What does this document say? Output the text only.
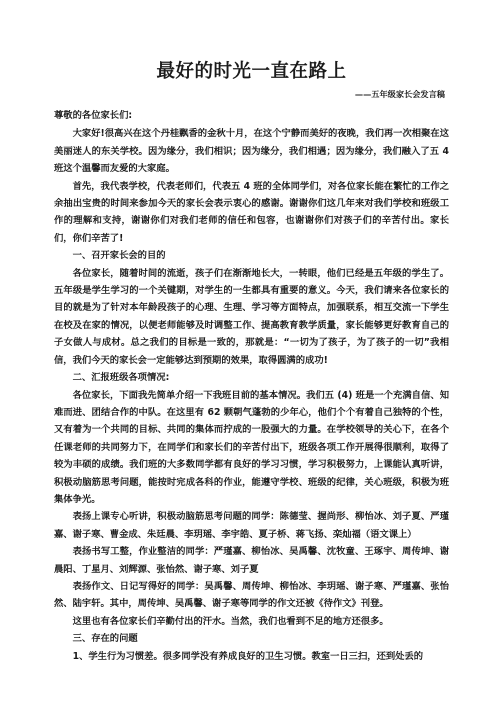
最好的时光一直在路上
——五年级家长会发言稿

尊敬的各位家长们:

大家好!很高兴在这个丹桂飘香的金秋十月，在这个宁静而美好的夜晚，我们再一次相聚在这美丽迷人的东关学校。因为缘分，我们相识；因为缘分，我们相遇；因为缘分，我们融入了五 4 班这个温馨而友爱的大家庭。

首先，我代表学校，代表老师们，代表五 4 班的全体同学们，对各位家长能在繁忙的工作之余抽出宝贵的时间来参加今天的家长会表示衷心的感谢。谢谢你们这几年来对我们学校和班级工作的理解和支持，谢谢你们对我们老师的信任和包容，也谢谢你们对孩子们的辛苦付出。家长们，你们辛苦了!

一、召开家长会的目的

各位家长，随着时间的流逝，孩子们在渐渐地长大，一转眼，他们已经是五年级的学生了。五年级是学生学习的一个关键期，对学生的一生都具有重要的意义。今天，我们请来各位家长的目的就是为了针对本年龄段孩子的心理、生理、学习等方面特点，加强联系，相互交流一下学生在校及在家的情况，以便老师能够及时调整工作、提高教育教学质量，家长能够更好教育自己的子女做人与成材。总之我们的目标是一致的，那就是：“一切为了孩子，为了孩子的一切”我相信，我们今天的家长会一定能够达到预期的效果，取得圆满的成功!

二、汇报班级各项情况:

各位家长，下面我先简单介绍一下我班目前的基本情况。我们五 (4) 班是一个充满自信、知难而进、团结合作的中队。在这里有 62 颗朝气蓬勃的少年心，他们个个有着自己独特的个性，又有着为一个共同的目标、共同的集体而拧成的一股强大的力量。在学校领导的关心下，在各个任课老师的共同努力下，在同学们和家长们的辛苦付出下，班级各项工作开展得很顺利，取得了较为丰硕的成绩。我们班的大多数同学都有良好的学习习惯，学习积极努力，上课能认真听讲，积极动脑筋思考问题，能按时完成各科的作业，能遵守学校、班级的纪律，关心班级，积极为班集体争光。

表扬上课专心听讲，积极动脑筋思考问题的同学：陈德莹、握尚形、柳怡冰、刘子夏、严瑾嘉、谢子寒、曹金成、朱廷晨、李玥瑶、李宇皓、夏子桥、蒋飞扬、栾灿福（语文课上）

表扬书写工整，作业整洁的同学：严瑾嘉、柳怡冰、吴禹馨、沈牧童、王琢宇、周传坤、谢晨阳、丁星月、刘辉源、张怡然、谢子寒、刘子夏

表扬作文、日记写得好的同学：吴禹馨、周传坤、柳怡冰、李玥瑶、谢子寒、严瑾嘉、张怡然、陆宇轩。其中，周传坤、吴禹馨、谢子寒等同学的作文还被《待作文》刊登。

这里也有各位家长们辛勤付出的汗水。当然，我们也看到不足的地方还很多。

三、存在的问题

1、学生行为习惯差。很多同学没有养成良好的卫生习惯。教室一日三扫，还到处丢的
